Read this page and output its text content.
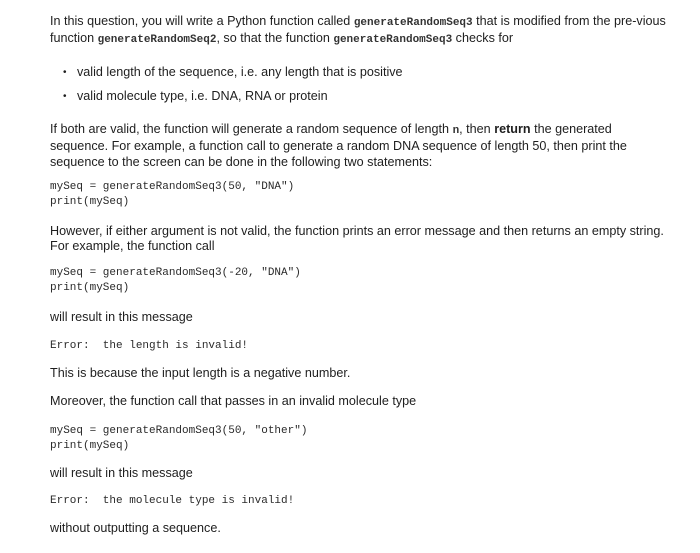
In this question, you will write a Python function called generateRandomSeq3 that is modified from the pre-vious function generateRandomSeq2, so that the function generateRandomSeq3 checks for
• valid length of the sequence, i.e. any length that is positive
• valid molecule type, i.e. DNA, RNA or protein
If both are valid, the function will generate a random sequence of length n, then return the generated sequence. For example, a function call to generate a random DNA sequence of length 50, then print the sequence to the screen can be done in the following two statements:
mySeq = generateRandomSeq3(50, "DNA")
print(mySeq)
However, if either argument is not valid, the function prints an error message and then returns an empty string. For example, the function call
mySeq = generateRandomSeq3(-20, "DNA")
print(mySeq)
will result in this message
Error:  the length is invalid!
This is because the input length is a negative number.
Moreover, the function call that passes in an invalid molecule type
mySeq = generateRandomSeq3(50, "other")
print(mySeq)
will result in this message
Error:  the molecule type is invalid!
without outputting a sequence.
